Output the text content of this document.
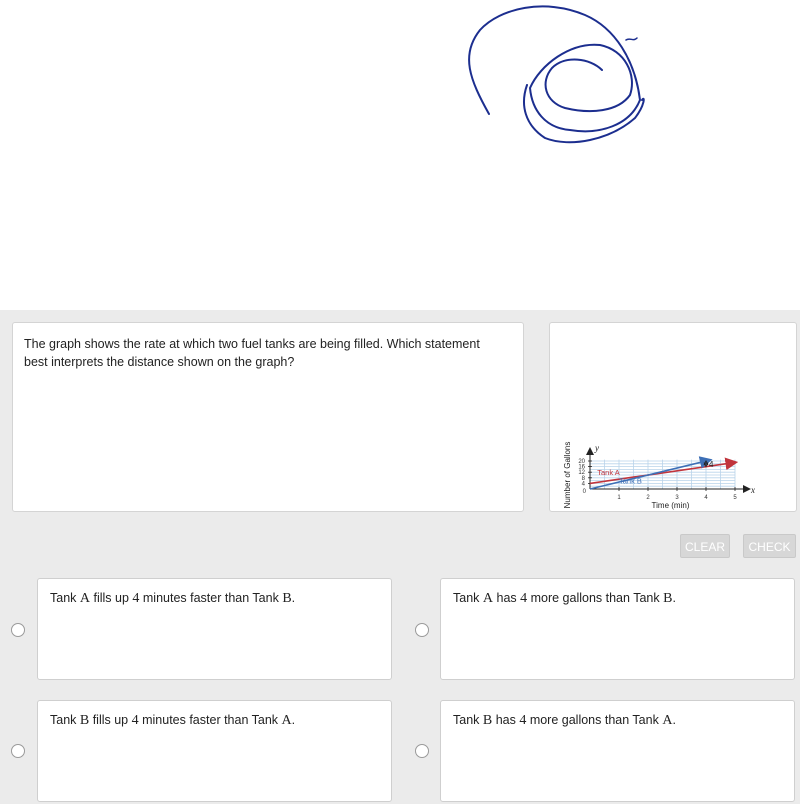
The graph shows the rate at which two fuel tanks are being filled. Which statement best interprets the distance shown on the graph?
x
y
1	2	3	4	5
4
8
12
16
20
0
Time (min)
Number of Gallons	Tank A
Tank B
4
CLEAR	CHECK
Tank A fills up 4 minutes faster than Tank B.	Tank A has 4 more gallons than Tank B.
Tank B fills up 4 minutes faster than Tank A.	Tank B has 4 more gallons than Tank A.
